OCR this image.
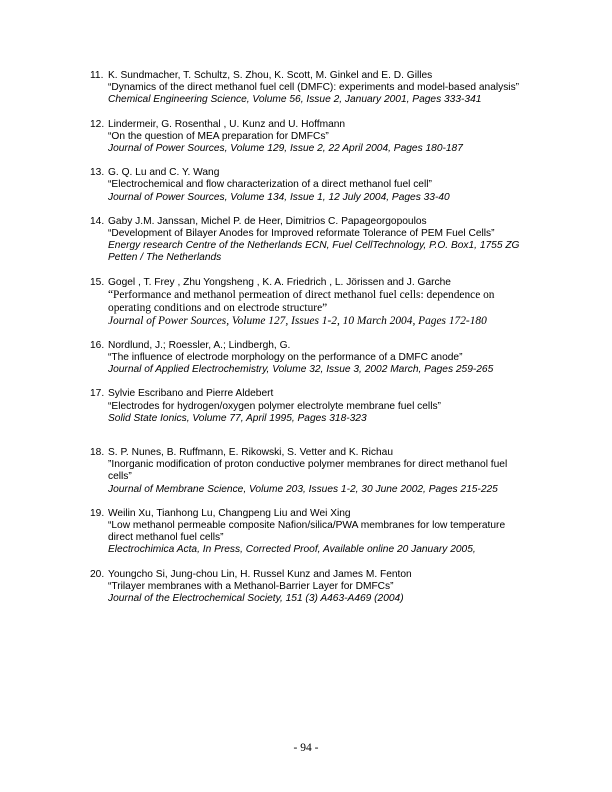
11. K. Sundmacher, T. Schultz, S. Zhou, K. Scott, M. Ginkel and E. D. Gilles
“Dynamics of the direct methanol fuel cell (DMFC): experiments and model-based analysis”
Chemical Engineering Science, Volume 56, Issue 2, January 2001, Pages 333-341
12. Lindermeir, G. Rosenthal , U. Kunz and U. Hoffmann
“On the question of MEA preparation for DMFCs”
Journal of Power Sources, Volume 129, Issue 2, 22 April 2004, Pages 180-187
13. G. Q. Lu and C. Y. Wang
“Electrochemical and flow characterization of a direct methanol fuel cell”
Journal of Power Sources, Volume 134, Issue 1, 12 July 2004, Pages 33-40
14. Gaby J.M. Janssan, Michel P. de Heer, Dimitrios C. Papageorgopoulos
“Development of Bilayer Anodes for Improved reformate Tolerance of PEM Fuel Cells”
Energy research Centre of the Netherlands ECN, Fuel CellTechnology, P.O. Box1, 1755 ZG Petten / The Netherlands
15. Gogel , T. Frey , Zhu Yongsheng , K. A. Friedrich , L. Jörissen and J. Garche
“Performance and methanol permeation of direct methanol fuel cells: dependence on operating conditions and on electrode structure”
Journal of Power Sources, Volume 127, Issues 1-2, 10 March 2004, Pages 172-180
16. Nordlund, J.; Roessler, A.; Lindbergh, G.
“The influence of electrode morphology on the performance of a DMFC anode”
Journal of Applied Electrochemistry, Volume 32, Issue 3, 2002 March, Pages 259-265
17. Sylvie Escribano and Pierre Aldebert
“Electrodes for hydrogen/oxygen polymer electrolyte membrane fuel cells”
Solid State Ionics, Volume 77, April 1995, Pages 318-323
18. S. P. Nunes, B. Ruffmann, E. Rikowski, S. Vetter and K. Richau
”Inorganic modification of proton conductive polymer membranes for direct methanol fuel cells”
Journal of Membrane Science, Volume 203, Issues 1-2, 30 June 2002, Pages 215-225
19. Weilin Xu, Tianhong Lu, Changpeng Liu and Wei Xing
“Low methanol permeable composite Nafion/silica/PWA membranes for low temperature direct methanol fuel cells”
Electrochimica Acta, In Press, Corrected Proof, Available online 20 January 2005,
20. Youngcho Si, Jung-chou Lin, H. Russel Kunz and James M. Fenton
“Trilayer membranes with a Methanol-Barrier Layer for DMFCs”
Journal of the Electrochemical Society, 151 (3) A463-A469 (2004)
- 94 -
